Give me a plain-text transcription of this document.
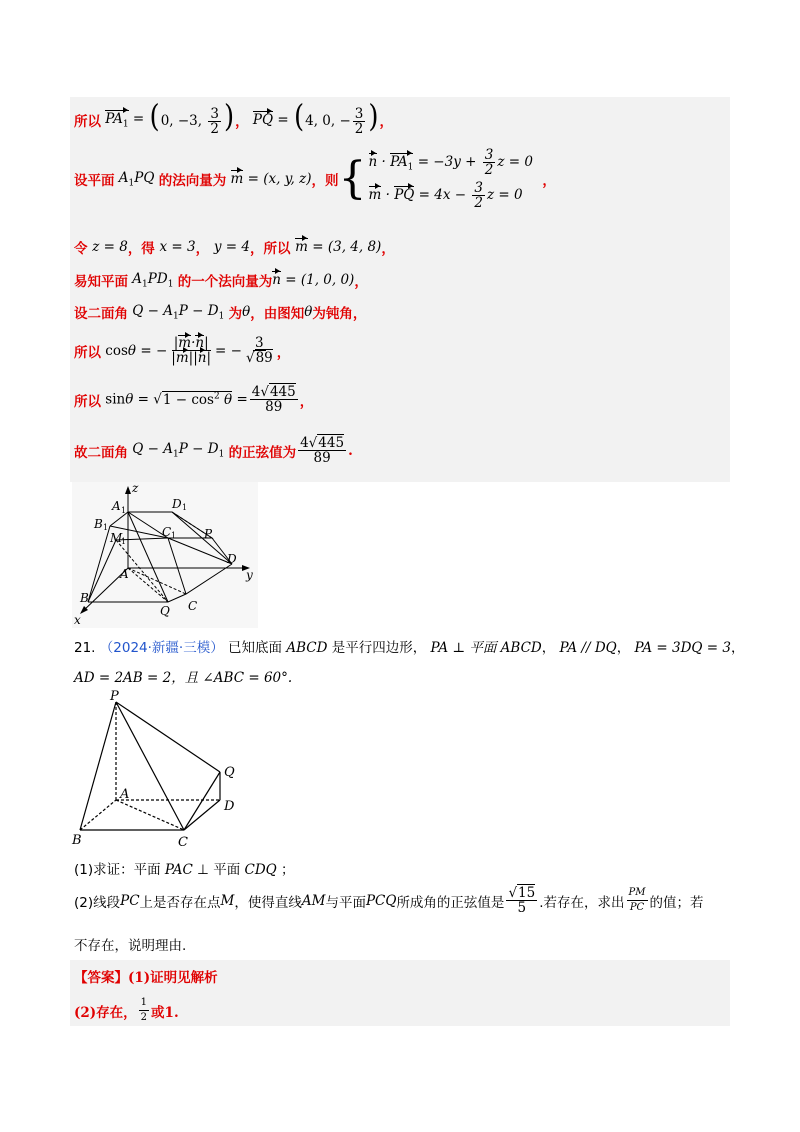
所以 $PA_1 = (0$, −3, $\frac{3}{2}$ ) ， PQ = (4, 0, − $\frac{3}{2}$ ) ，
设平面 $A_1PQ$ 的法向量为 m = (x, y, z) ，则 { $n \cdot PA_1 = -3y + \frac{3}{2}$ z = 0
m · PQ = $4x - \frac{3}{2}$ z = 0
，
令 z = 8 ，得 x = 3 ， y = 4 ，所以 m = (3, 4, 8) ，
易知平面 $A_1PD_1$ 的一个法向量为 n = (1, 0, 0) ，
设二面角 $Q - A_1P - D_1$ 为 θ ，由图知 θ 为钝角，
所以 cosθ = − $\frac{|m\cdot n|}{|m||n|}$ = − $\frac{3}{√89}$ ，
所以 $\sin\theta = √1 - \cos^2 \theta = \frac{4√445}{89}$ ，
故二面角 $Q - A_1P - D_1$ 的正弦值为 $\frac{4√445}{89}$ .
z
A	D
B
M	C	P
D
y
A
B
Q C
x
1	1
1
1
1
21. （2024·新疆·三模） 已知底面 ABCD 是平行四边形， PA ⊥ 平面 ABCD， PA // DQ， PA = 3DQ = 3，
AD = 2AB = 2，且 ∠ABC = 60°.
P
Q
A
D
B	C
(1)求证：平面 PAC ⊥ 平面 CDQ ；
(2)线段 PC 上是否存在点 M ，使得直线 AM 与平面 PCQ 所成角的正弦值是 $\frac{√15}{5}$ .若存在，求出 $\frac{PM}{PC}$ 的值；若
不存在，说明理由.
【答案】 (1)证明见解析
(2)存在， $\frac{1}{2}$ 或1.
